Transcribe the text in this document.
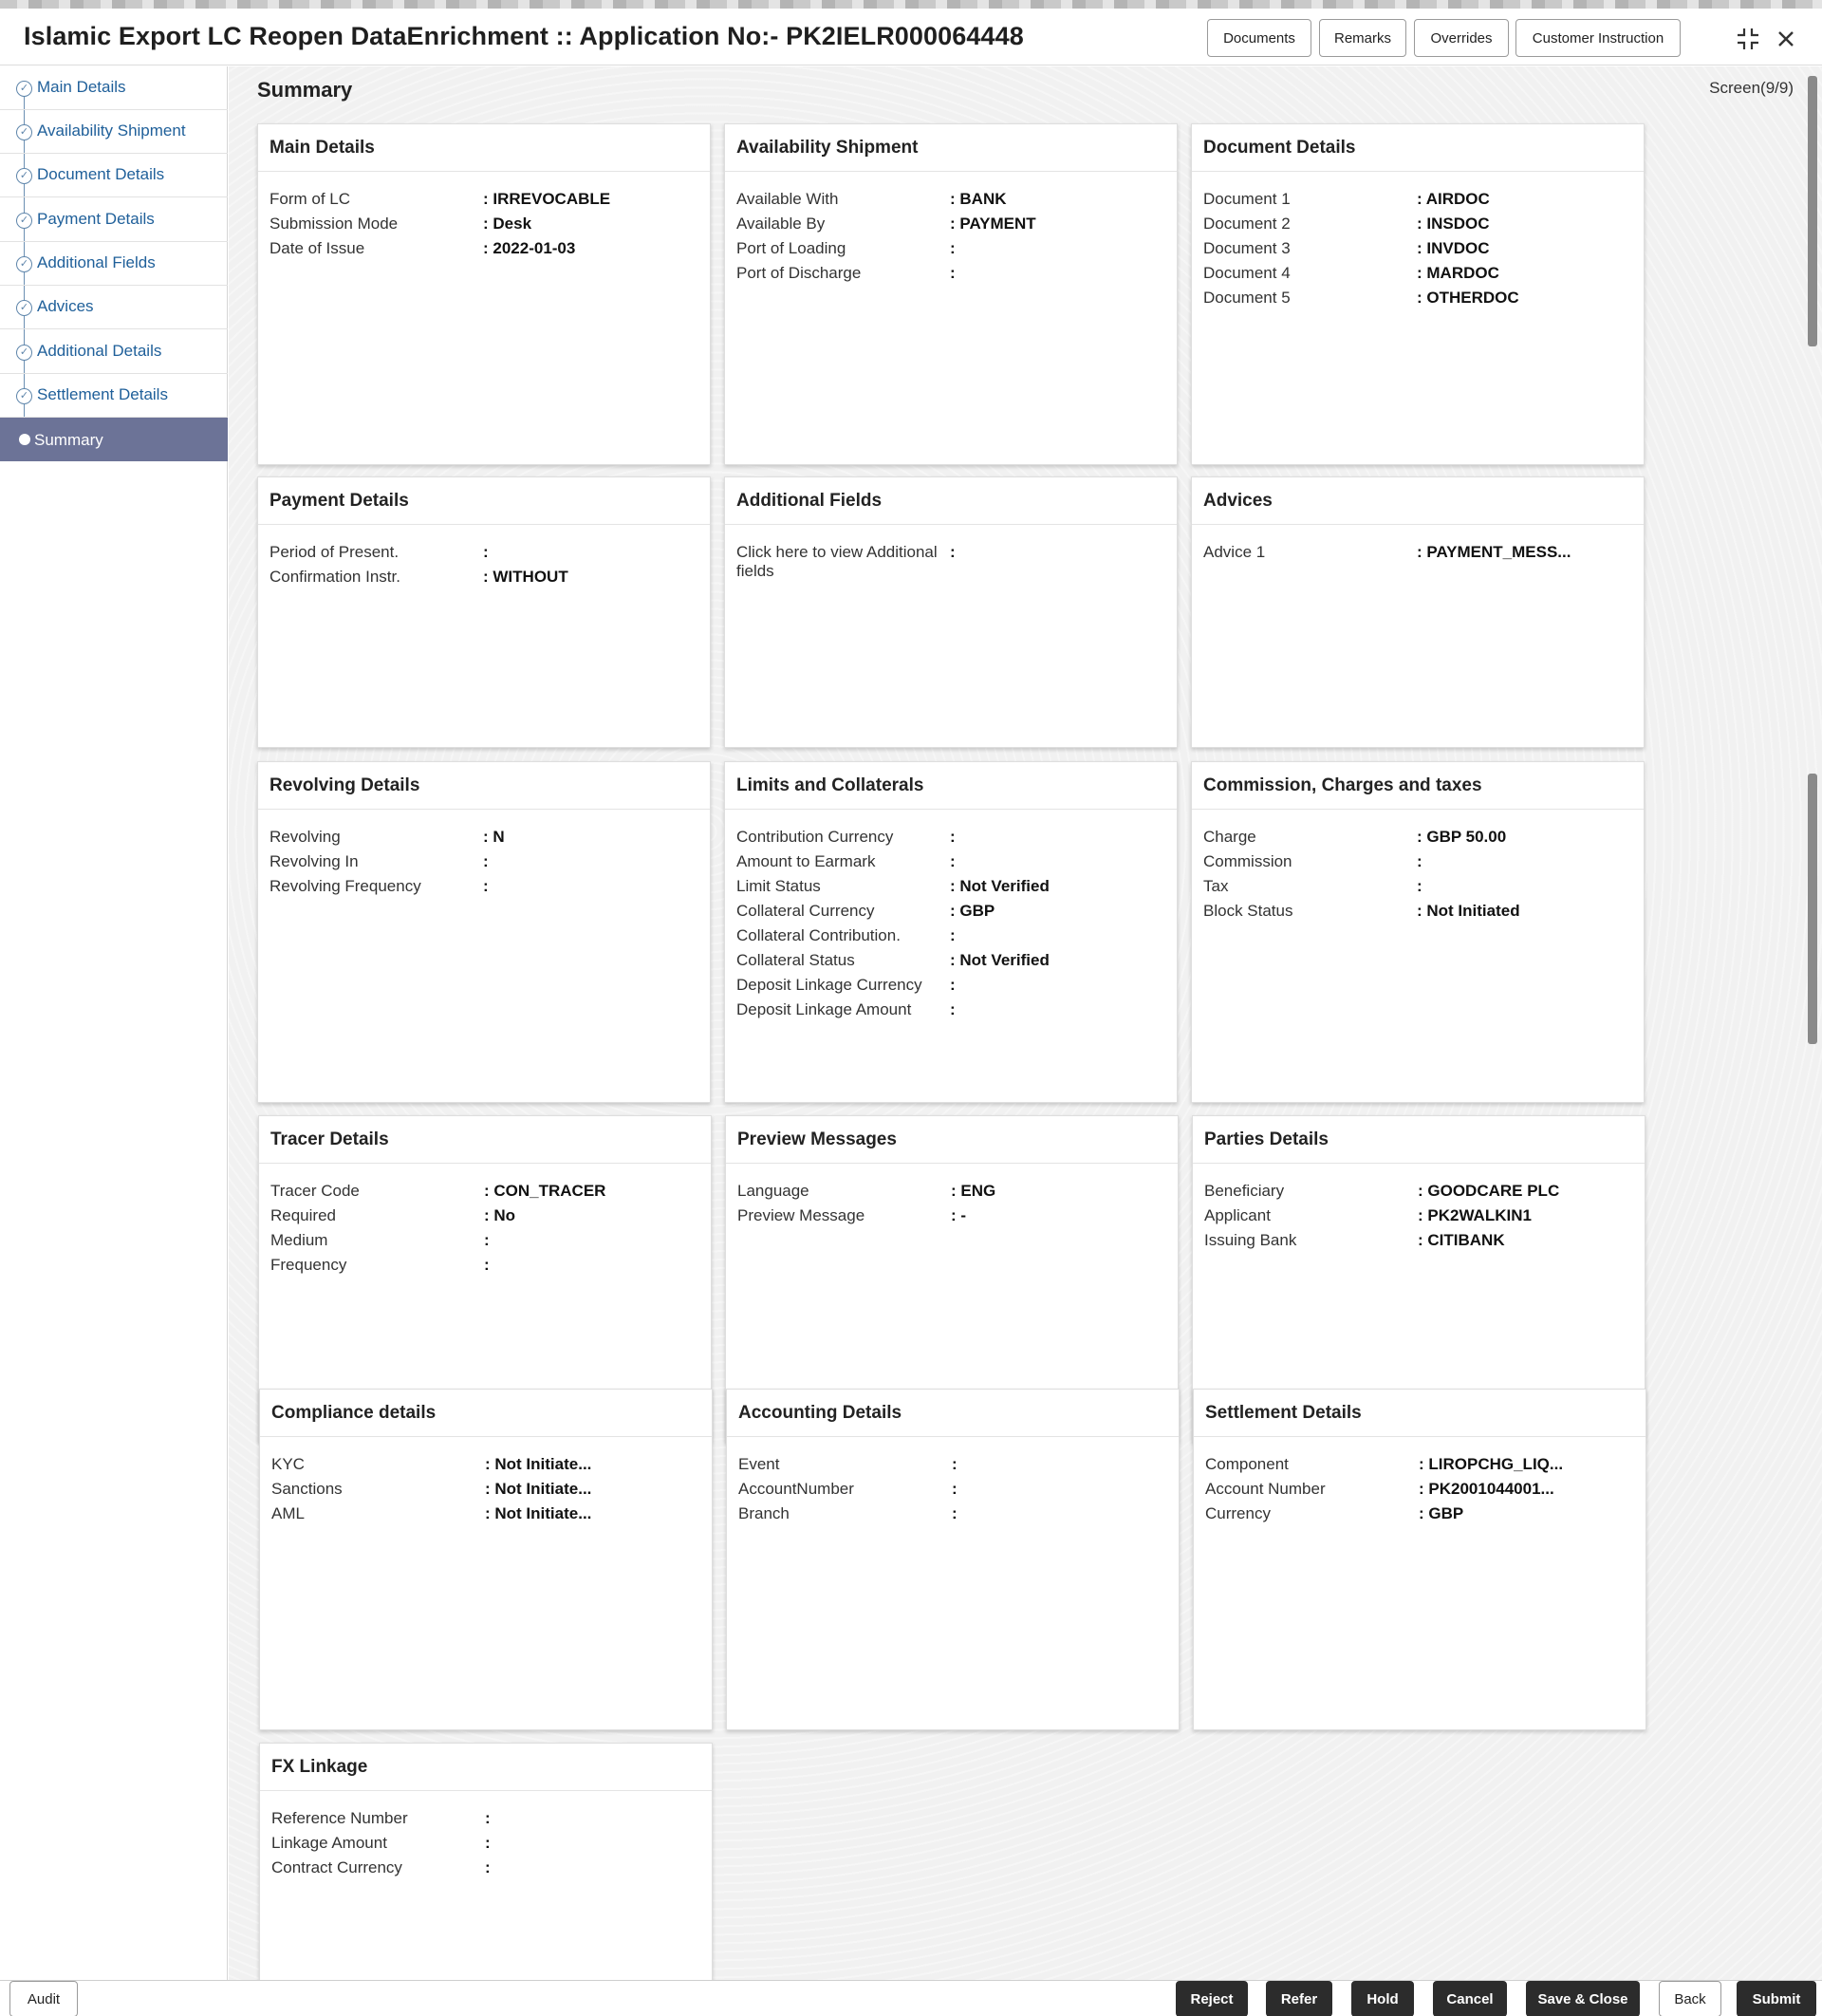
Islamic Export LC Reopen DataEnrichment :: Application No:- PK2IELR000064448	Documents	Remarks	Overrides	Customer Instruction
✓ Main Details
✓ Availability Shipment
✓ Document Details
✓ Payment Details
✓ Additional Fields
✓ Advices
✓ Additional Details
✓ Settlement Details
Summary
Summary	Screen(9/9)
Main Details
Form of LC	: IRREVOCABLE
Submission Mode	: Desk
Date of Issue	: 2022-01-03
Availability Shipment
Available With	: BANK
Available By	: PAYMENT
Port of Loading	:
Port of Discharge	:
Document Details
Document 1	: AIRDOC
Document 2	: INSDOC
Document 3	: INVDOC
Document 4	: MARDOC
Document 5	: OTHERDOC
Payment Details
Period of Present.	:
Confirmation Instr.	: WITHOUT
Additional Fields
Click here to view Additional fields
:
Advices
Advice 1	: PAYMENT_MESS...
Revolving Details
Revolving	: N
Revolving In	:
Revolving Frequency	:
Limits and Collaterals
Contribution Currency	:
Amount to Earmark	:
Limit Status	: Not Verified
Collateral Currency	: GBP
Collateral Contribution.	:
Collateral Status	: Not Verified
Deposit Linkage Currency	:
Deposit Linkage Amount	:
Commission, Charges and taxes
Charge	: GBP 50.00
Commission	:
Tax	:
Block Status	: Not Initiated
Tracer Details
Tracer Code	: CON_TRACER
Required	: No
Medium	:
Frequency	:
Preview Messages
Language	: ENG
Preview Message	: -
Parties Details
Beneficiary	: GOODCARE PLC
Applicant	: PK2WALKIN1
Issuing Bank	: CITIBANK
Compliance details
KYC	: Not Initiate...
Sanctions	: Not Initiate...
AML	: Not Initiate...
Accounting Details
Event	:
AccountNumber	:
Branch	:
Settlement Details
Component	: LIROPCHG_LIQ...
Account Number	: PK2001044001...
Currency	: GBP
FX Linkage
Reference Number	:
Linkage Amount	:
Contract Currency	:
Audit	Reject	Refer	Hold	Cancel	Save & Close	Back	Submit
